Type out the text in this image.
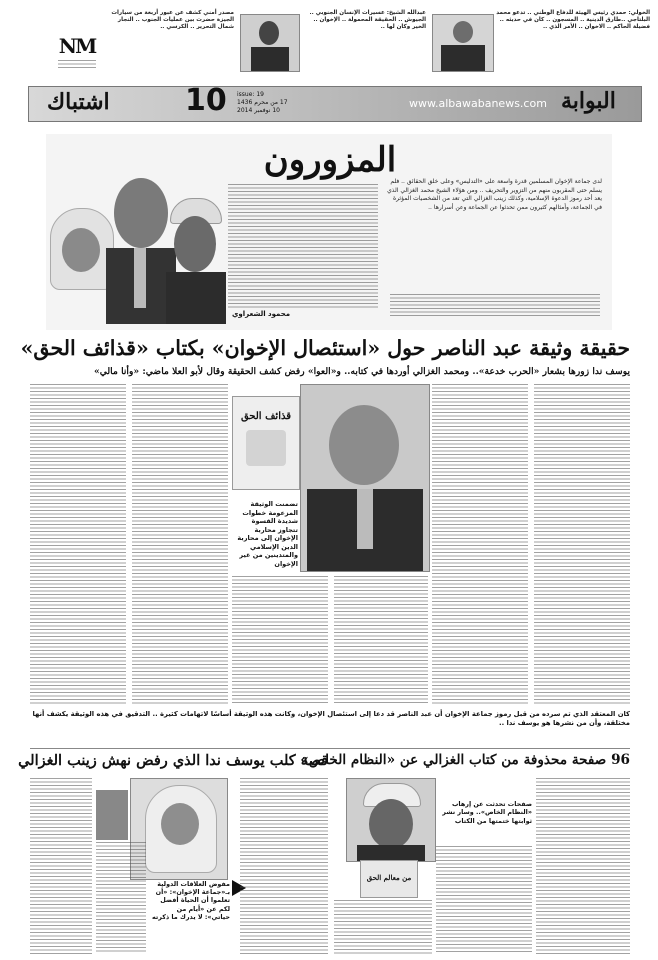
الخولي: حمدي رئيس الهيئة للدفاع الوطني .. تدعو محمد البلتاجي ..طارق الدينية .. المسجون .. كان في حديثه .. فضيلة الحاكم .. الاخوان .. الأمر الذي ..
عبدالله الشيخ: عسيرات الإنسان الجنوبي .. الجيوش .. الحقيقة المحمولة .. الإخوان .. الخير وكان لها ..
مصدر أمني كشف عن عبور أربعة من سيارات الجيزة حضرت بين عمليات الجنوب .. النجار شمال التحرير .. الكرسي ..
NM
اشتباك	10 issue: 19
17 من محرم 1436
10 نوفمبر 2014
www.albawabanews.com البوابة
لدى جماعة الإخوان المسلمين قدرة واسعة على «التدليس» وعلى خلق الحقائق .. فلم يسلم حتى المقربون منهم من التزوير والتحريف .. ومن هؤلاء الشيخ محمد الغزالي الذي يعد أحد رموز الدعوة الإسلامية، وكذلك زينب الغزالي التي تعد من الشخصيات المؤثرة في الجماعة، وأمثالهم كثيرون ممن تحدثوا عن الجماعة وعن أسرارها ..
المزورون
محمود الشعراوي
حقيقة وثيقة عبد الناصر حول «استئصال الإخوان» بكتاب «قذائف الحق»
يوسف ندا زورها بشعار «الحرب خدعة».. ومحمد الغزالي أوردها في كتابه.. و«العوا» رفض كشف الحقيقة وقال لأبو العلا ماضي: «وأنا مالي»
قذائف الحق
تضمنت الوثيقة المزعومة خطوات شديدة القسوة تتجاوز محاربة الإخوان إلى محاربة الدين الإسلامي والمتدينين من غير الإخوان
كان المعتقد الذي تم سرده من قبل رموز جماعة الإخوان أن عبد الناصر قد دعا إلى استئصال الإخوان، وكانت هذه الوثيقة أساسًا لاتهامات كثيرة .. التدقيق في هذه الوثيقة يكشف أنها مختلقة، وأن من نشرها هو يوسف ندا ..
قصة كلب يوسف ندا الذي رفض نهش زينب الغزالي
مفوض العلاقات الدولية بـ«جماعة الإخوان»: «أن تعلموا أن الحياة أفضل لكم عن «أيام من حياتي»: لا يدرك ما ذكرته
96 صفحة محذوفة من كتاب الغزالي عن «النظام الخاص»
صفحات تحدثت عن إرهاب «النظام الخاص».. وسار نشر ثوابتها ختمتها من الكتاب
من معالم الحق
